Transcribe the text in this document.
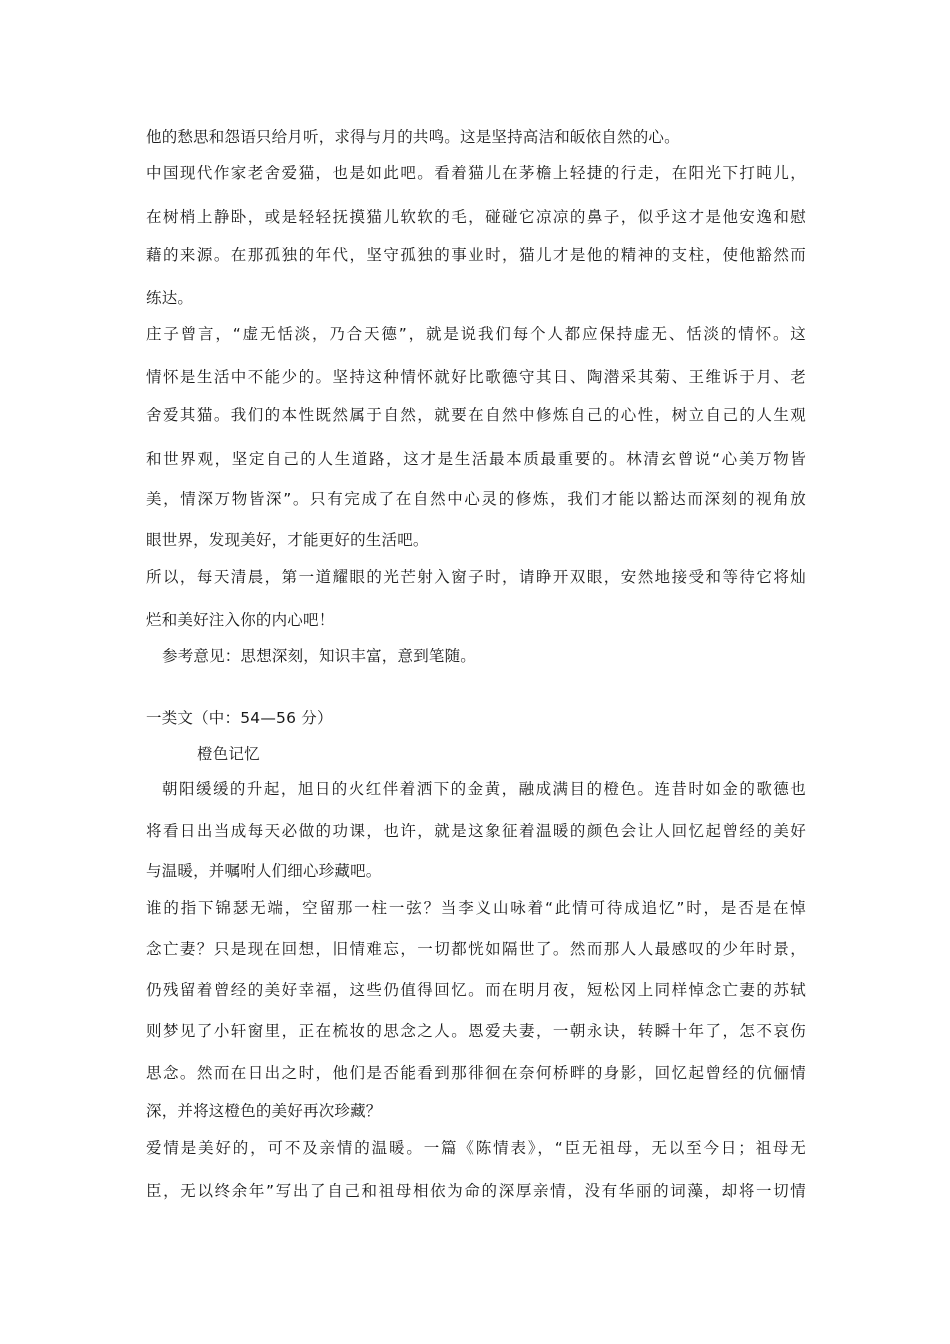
他的愁思和怨语只给月听，求得与月的共鸣。这是坚持高洁和皈依自然的心。
中国现代作家老舍爱猫，也是如此吧。看着猫儿在茅檐上轻捷的行走，在阳光下打盹儿，
在树梢上静卧，或是轻轻抚摸猫儿软软的毛，碰碰它凉凉的鼻子，似乎这才是他安逸和慰
藉的来源。在那孤独的年代，坚守孤独的事业时，猫儿才是他的精神的支柱，使他豁然而
练达。
庄子曾言，“虚无恬淡，乃合天德”，就是说我们每个人都应保持虚无、恬淡的情怀。这
情怀是生活中不能少的。坚持这种情怀就好比歌德守其日、陶潜采其菊、王维诉于月、老
舍爱其猫。我们的本性既然属于自然，就要在自然中修炼自己的心性，树立自己的人生观
和世界观，坚定自己的人生道路，这才是生活最本质最重要的。林清玄曾说“心美万物皆
美，情深万物皆深”。只有完成了在自然中心灵的修炼，我们才能以豁达而深刻的视角放
眼世界，发现美好，才能更好的生活吧。
所以，每天清晨，第一道耀眼的光芒射入窗子时，请睁开双眼，安然地接受和等待它将灿
烂和美好注入你的内心吧！
参考意见：思想深刻，知识丰富，意到笔随。
一类文（中：54—56 分）
橙色记忆
朝阳缓缓的升起，旭日的火红伴着洒下的金黄，融成满目的橙色。连昔时如金的歌德也
将看日出当成每天必做的功课，也许，就是这象征着温暖的颜色会让人回忆起曾经的美好
与温暖，并嘱咐人们细心珍藏吧。
谁的指下锦瑟无端，空留那一柱一弦？当李义山咏着“此情可待成追忆”时，是否是在悼
念亡妻？只是现在回想，旧情难忘，一切都恍如隔世了。然而那人人最感叹的少年时景，
仍残留着曾经的美好幸福，这些仍值得回忆。而在明月夜，短松冈上同样悼念亡妻的苏轼
则梦见了小轩窗里，正在梳妆的思念之人。恩爱夫妻，一朝永诀，转瞬十年了，怎不哀伤
思念。然而在日出之时，他们是否能看到那徘徊在奈何桥畔的身影，回忆起曾经的伉俪情
深，并将这橙色的美好再次珍藏？
爱情是美好的，可不及亲情的温暖。一篇《陈情表》，“臣无祖母，无以至今日；祖母无
臣，无以终余年”写出了自己和祖母相依为命的深厚亲情，没有华丽的词藻，却将一切情
